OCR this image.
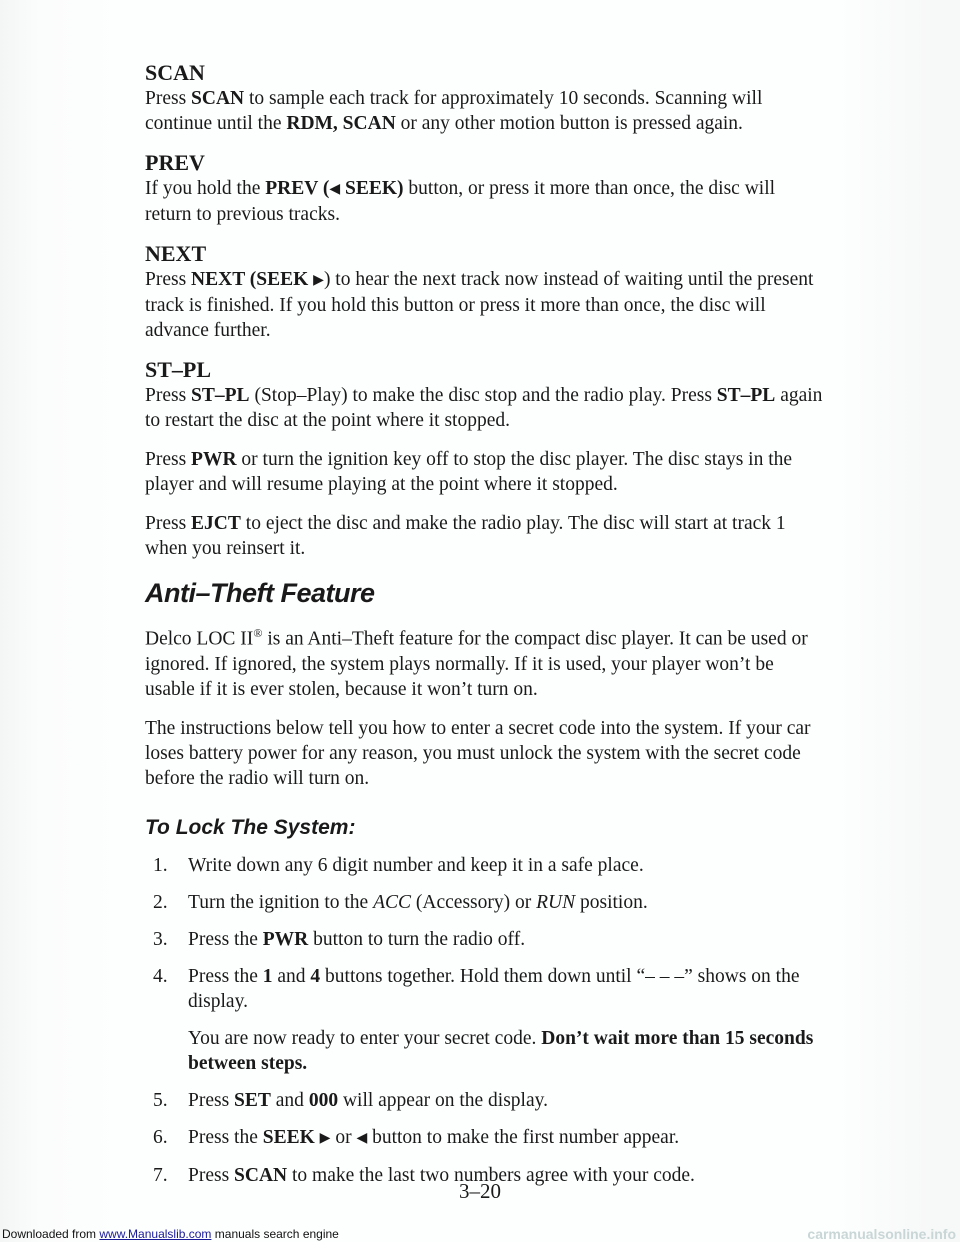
SCAN

Press SCAN to sample each track for approximately 10 seconds. Scanning will continue until the RDM, SCAN or any other motion button is pressed again.

PREV

If you hold the PREV (◀ SEEK) button, or press it more than once, the disc will return to previous tracks.

NEXT

Press NEXT (SEEK ▶) to hear the next track now instead of waiting until the present track is finished. If you hold this button or press it more than once, the disc will advance further.

ST–PL

Press ST–PL (Stop–Play) to make the disc stop and the radio play. Press ST–PL again to restart the disc at the point where it stopped.

Press PWR or turn the ignition key off to stop the disc player. The disc stays in the player and will resume playing at the point where it stopped.

Press EJCT to eject the disc and make the radio play. The disc will start at track 1 when you reinsert it.

Anti–Theft Feature

Delco LOC II® is an Anti–Theft feature for the compact disc player. It can be used or ignored. If ignored, the system plays normally. If it is used, your player won’t be usable if it is ever stolen, because it won’t turn on.

The instructions below tell you how to enter a secret code into the system. If your car loses battery power for any reason, you must unlock the system with the secret code before the radio will turn on.

To Lock The System:

1.	Write down any 6 digit number and keep it in a safe place.
2.	Turn the ignition to the ACC (Accessory) or RUN position.
3.	Press the PWR button to turn the radio off.
4.	Press the 1 and 4 buttons together. Hold them down until “– – –” shows on the display.

You are now ready to enter your secret code. Don’t wait more than 15 seconds between steps.

5.	Press SET and 000 will appear on the display.
6.	Press the SEEK ▶ or ◀ button to make the first number appear.
7.	Press SCAN to make the last two numbers agree with your code.
3–20
Downloaded from www.Manualslib.com manuals search engine	carmanualsonline.info
